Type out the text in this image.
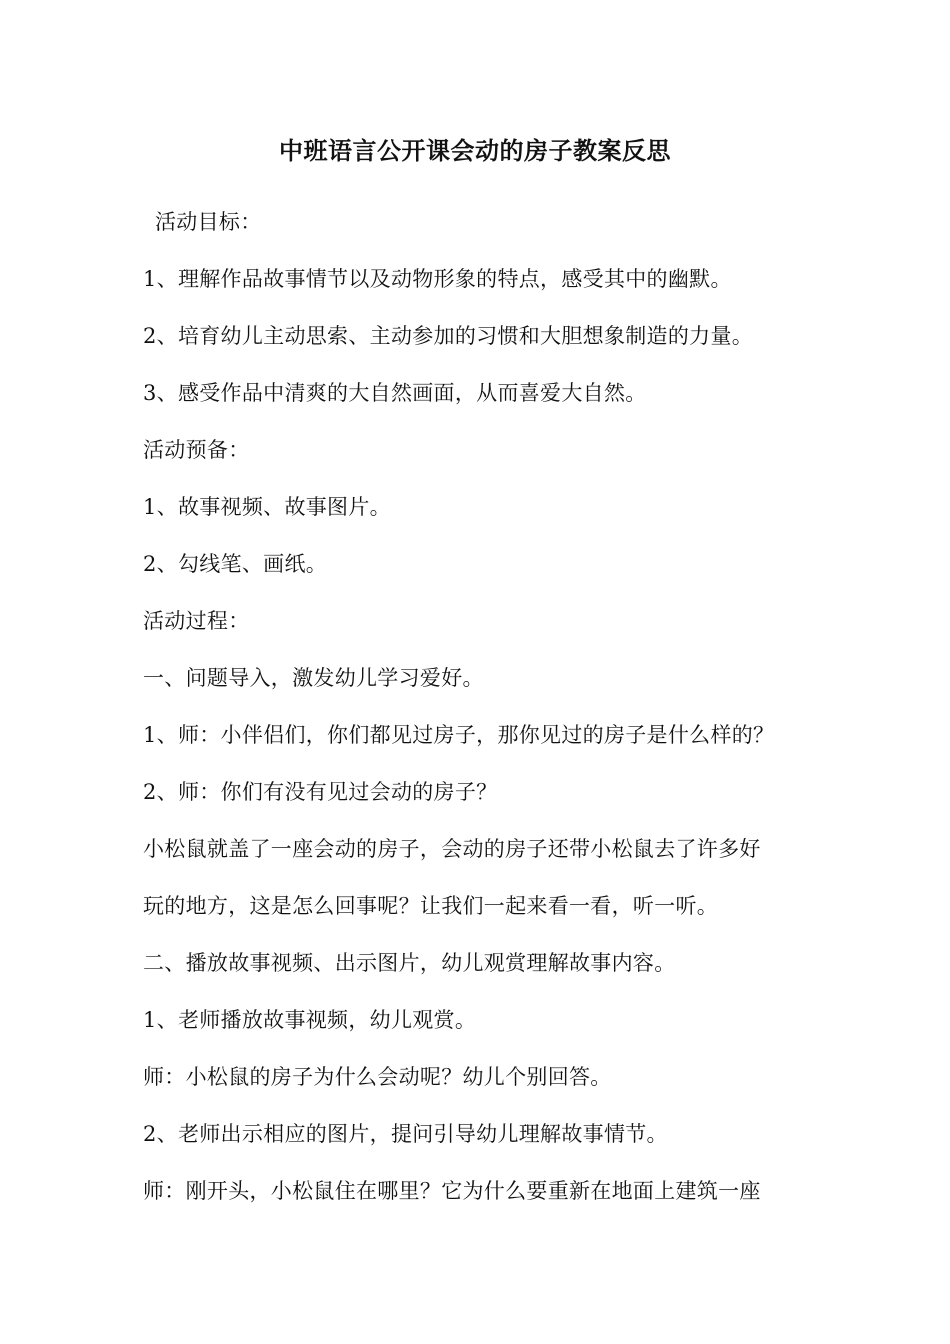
中班语言公开课会动的房子教案反思

活动目标：

1、理解作品故事情节以及动物形象的特点，感受其中的幽默。

2、培育幼儿主动思索、主动参加的习惯和大胆想象制造的力量。

3、感受作品中清爽的大自然画面，从而喜爱大自然。

活动预备：

1、故事视频、故事图片。

2、勾线笔、画纸。

活动过程：

一、问题导入，激发幼儿学习爱好。

1、师：小伴侣们，你们都见过房子，那你见过的房子是什么样的？

2、师：你们有没有见过会动的房子？

小松鼠就盖了一座会动的房子，会动的房子还带小松鼠去了许多好

玩的地方，这是怎么回事呢？让我们一起来看一看，听一听。

二、播放故事视频、出示图片，幼儿观赏理解故事内容。

1、老师播放故事视频，幼儿观赏。

师：小松鼠的房子为什么会动呢？幼儿个别回答。

2、老师出示相应的图片，提问引导幼儿理解故事情节。

师：刚开头，小松鼠住在哪里？它为什么要重新在地面上建筑一座
